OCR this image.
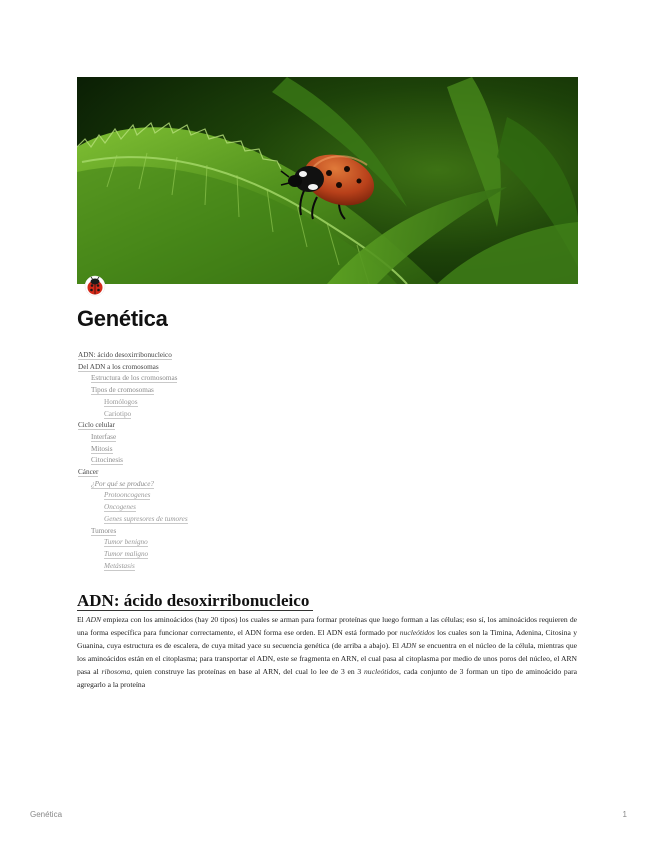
Genética
ADN: ácido desoxirribonucleico
Del ADN a los cromosomas
Estructura de los cromosomas
Tipos de cromosomas
Homólogos
Cariotipo
Ciclo celular
Interfase
Mitosis
Citocinesis
Cáncer
¿Por qué se produce?
Protooncogenes
Oncogenes
Genes supresores de tumores
Tumores
Tumor benigno
Tumor maligno
Metástasis
ADN: ácido desoxirribonucleico

El ADN empieza con los aminoácidos (hay 20 tipos) los cuales se arman para formar proteínas que luego forman a las células; eso sí, los aminoácidos requieren de una forma específica para funcionar correctamente, el ADN forma ese orden. El ADN está formado por nucleótidos los cuales son la Timina, Adenina, Citosina y Guanina, cuya estructura es de escalera, de cuya mitad yace su secuencia genética (de arriba a abajo). El ADN se encuentra en el núcleo de la célula, mientras que los aminoácidos están en el citoplasma; para transportar el ADN, este se fragmenta en ARN, el cual pasa al citoplasma por medio de unos poros del núcleo, el ARN pasa al ribosoma, quien construye las proteínas en base al ARN, del cual lo lee de 3 en 3 nucleótidos, cada conjunto de 3 forman un tipo de aminoácido para agregarlo a la proteína

Genética	1
